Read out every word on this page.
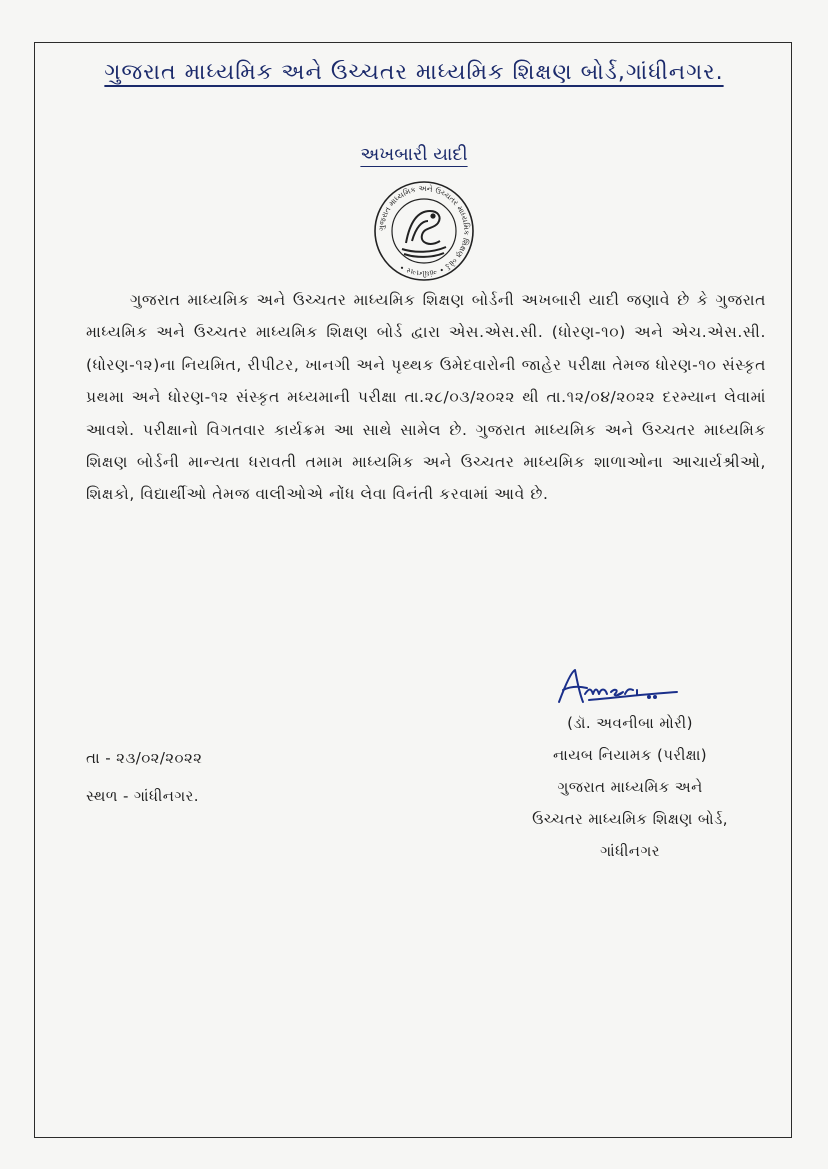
ગુજરાત માધ્યમિક અને ઉચ્ચતર માધ્યમિક શિક્ષણ બોર્ડ,ગાંધીનગર.
અખબારી યાદી
ગુજરાત માધ્યમિક અને ઉચ્ચતર માધ્યમિક શિક્ષણ બોર્ડ • ગાંધીનગર •
ગુજરાત માધ્યમિક અને ઉચ્ચતર માધ્યમિક શિક્ષણ બોર્ડની અખબારી યાદી જણાવે છે કે ગુજરાત માધ્યમિક અને ઉચ્ચતર માધ્યમિક શિક્ષણ બોર્ડ દ્વારા એસ.એસ.સી. (ધોરણ-૧૦) અને એચ.એસ.સી. (ધોરણ-૧૨)ના નિયમિત, રીપીટર, ખાનગી અને પૃથ્થક ઉમેદવારોની જાહેર પરીક્ષા તેમજ ધોરણ-૧૦ સંસ્કૃત પ્રથમા અને ધોરણ-૧૨ સંસ્કૃત મધ્યમાની પરીક્ષા તા.૨૮/૦૩/૨૦૨૨ થી તા.૧૨/૦૪/૨૦૨૨ દરમ્યાન લેવામાં આવશે. પરીક્ષાનો વિગતવાર કાર્યક્રમ આ સાથે સામેલ છે. ગુજરાત માધ્યમિક અને ઉચ્ચતર માધ્યમિક શિક્ષણ બોર્ડની માન્યતા ધરાવતી તમામ માધ્યમિક અને ઉચ્ચતર માધ્યમિક શાળાઓના આચાર્યશ્રીઓ, શિક્ષકો, વિદ્યાર્થીઓ તેમજ વાલીઓએ નોંધ લેવા વિનંતી કરવામાં આવે છે.
(ડૉ. અવનીબા મોરી)
નાયબ નિયામક (પરીક્ષા)
ગુજરાત માધ્યમિક અને
ઉચ્ચતર માધ્યમિક શિક્ષણ બોર્ડ,
ગાંધીનગર
તા - ૨૩/૦૨/૨૦૨૨
સ્થળ - ગાંધીનગર.
